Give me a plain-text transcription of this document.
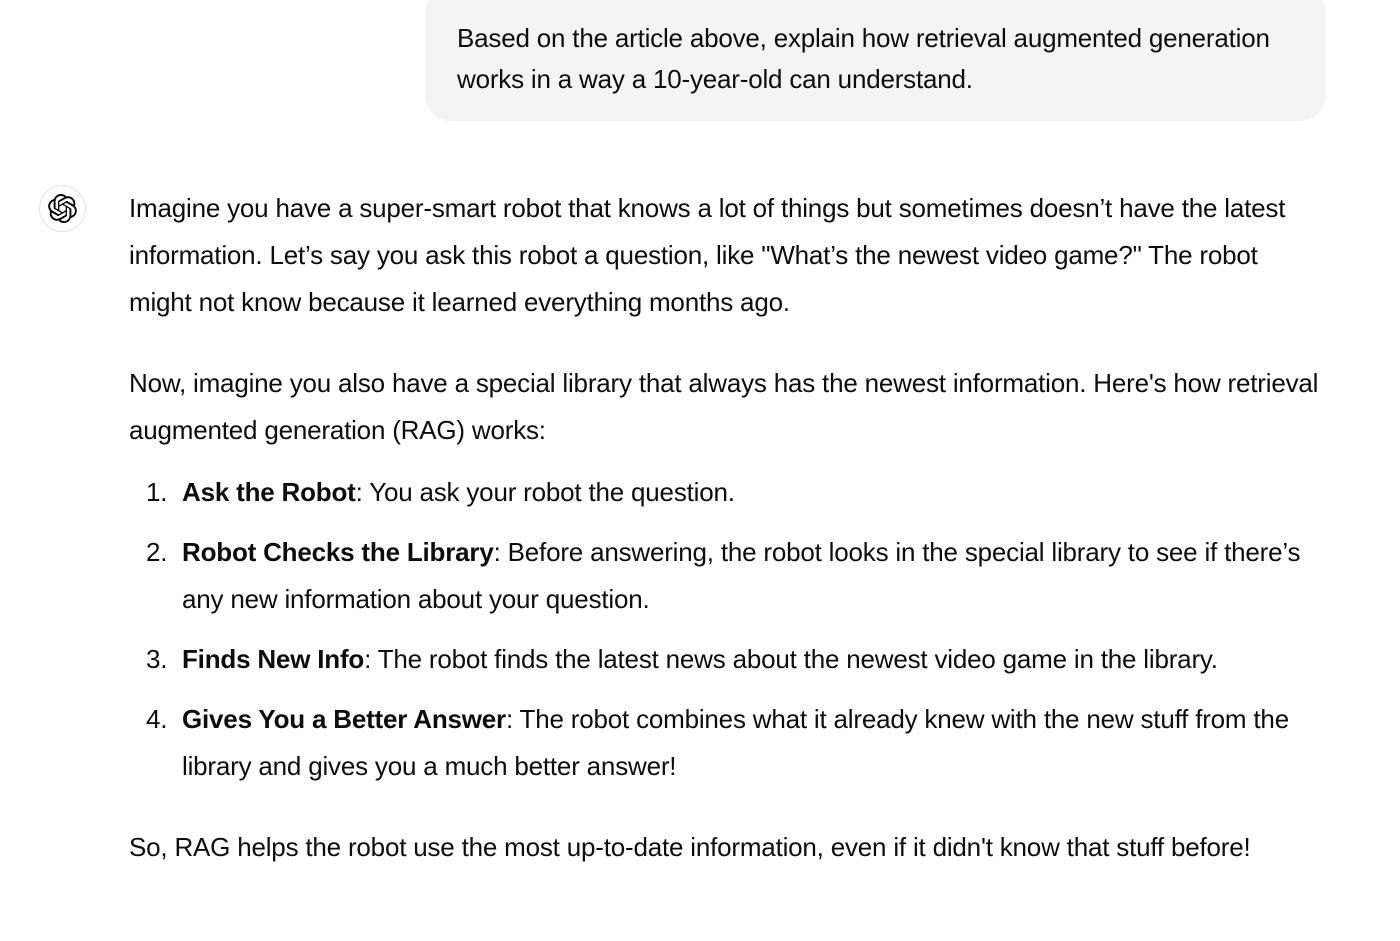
Based on the article above, explain how retrieval augmented generation works in a way a 10-year-old can understand.

Imagine you have a super-smart robot that knows a lot of things but sometimes doesn’t have the latest information. Let’s say you ask this robot a question, like "What’s the newest video game?" The robot might not know because it learned everything months ago.

Now, imagine you also have a special library that always has the newest information. Here's how retrieval augmented generation (RAG) works:

1. Ask the Robot: You ask your robot the question.
2. Robot Checks the Library: Before answering, the robot looks in the special library to see if there’s any new information about your question.
3. Finds New Info: The robot finds the latest news about the newest video game in the library.
4. Gives You a Better Answer: The robot combines what it already knew with the new stuff from the library and gives you a much better answer!

So, RAG helps the robot use the most up-to-date information, even if it didn't know that stuff before!
